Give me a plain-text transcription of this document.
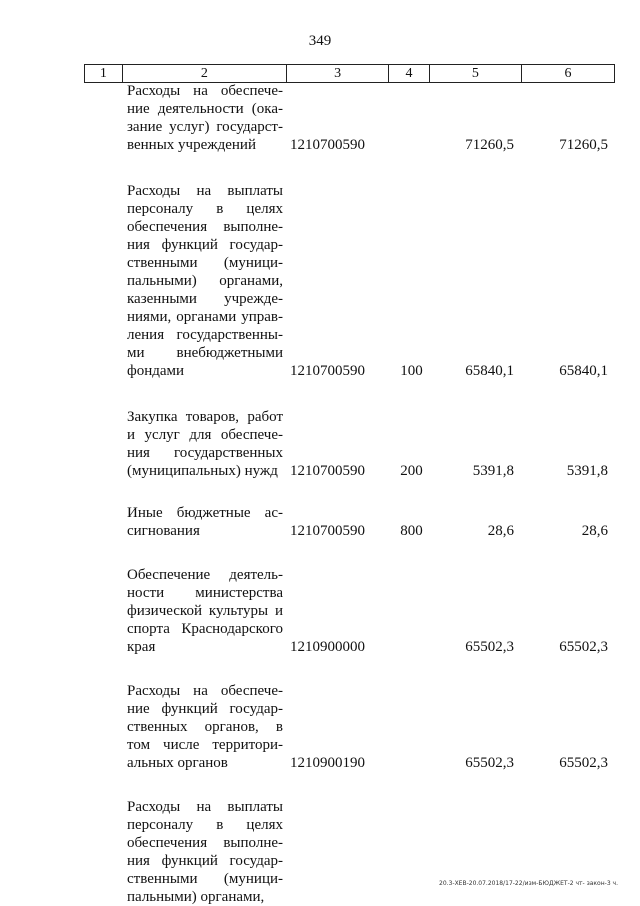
349
1	2	3	4	5	6
Расходы на обеспече-
ние деятельности (ока-
зание услуг) государст-
венных учреждений	1210700590	71260,5	71260,5
Расходы на выплаты
персоналу в целях
обеспечения выполне-
ния функций государ-
ственными (муници-
пальными) органами,
казенными учрежде-
ниями, органами управ-
ления государственны-
ми внебюджетными
фондами	1210700590 100	65840,1	65840,1
Закупка товаров, работ
и услуг для обеспече-
ния государственных
(муниципальных) нужд 1210700590 200	5391,8	5391,8
Иные бюджетные ас-
сигнования	1210700590 800	28,6	28,6
Обеспечение деятель-
ности министерства
физической культуры и
спорта Краснодарского
края	1210900000	65502,3	65502,3
Расходы на обеспече-
ние функций государ-
ственных органов, в
том числе территори-
альных органов	1210900190	65502,3	65502,3
Расходы на выплаты
персоналу в целях
обеспечения выполне-
ния функций государ-
ственными (муници-
пальными) органами,
20.3-ХЕВ-20.07.2018/17-22/изм-БЮДЖЕТ-2 чт- закон-3 ч.
